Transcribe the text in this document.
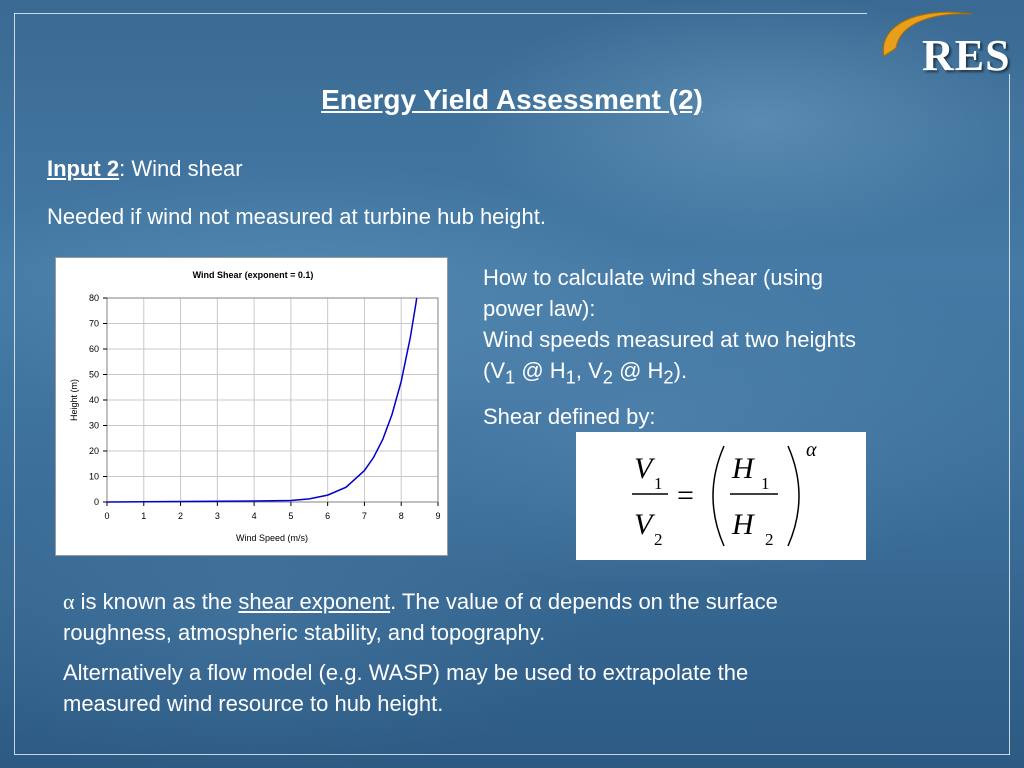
RES
Energy Yield Assessment (2)
Input 2: Wind shear
Needed if wind not measured at turbine hub height.
Wind Shear (exponent = 0.1)
Height (m)
Wind Speed (m/s)
0	1	2	3	4	5	6	7	8	9
0
10
20
30
40
50
60
70
80
How to calculate wind shear (using
power law):
Wind speeds measured at two heights
($V_1$ @ $H_1$, $V_2$ @ $H_2$).
Shear defined by:
V 1
V 2
=
H 1
H 2
α
α is known as the shear exponent. The value of α depends on the surface
roughness, atmospheric stability, and topography.
Alternatively a flow model (e.g. WASP) may be used to extrapolate the
measured wind resource to hub height.
